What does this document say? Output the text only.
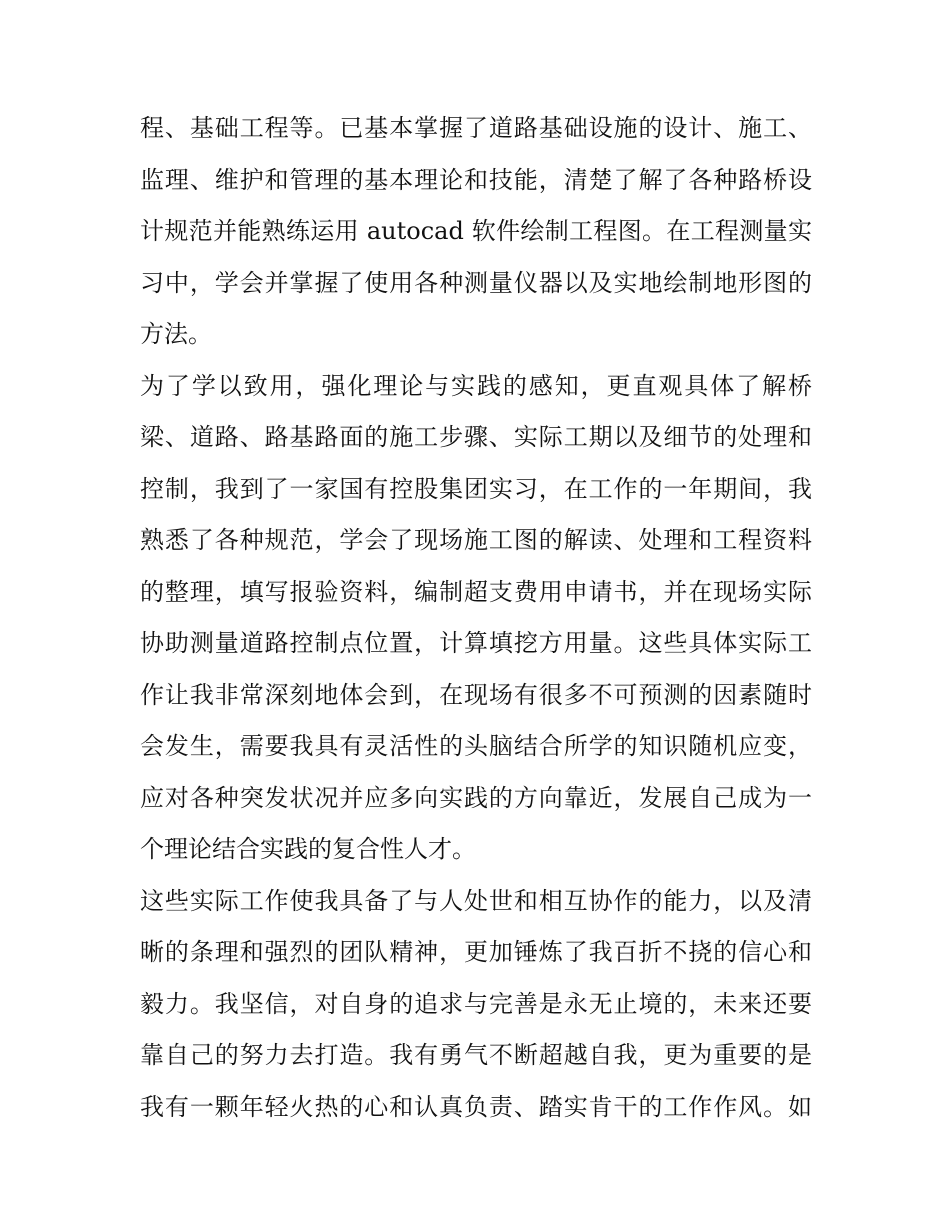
程、基础工程等。已基本掌握了道路基础设施的设计、施工、
监理、维护和管理的基本理论和技能，清楚了解了各种路桥设
计规范并能熟练运用 autocad 软件绘制工程图。在工程测量实
习中，学会并掌握了使用各种测量仪器以及实地绘制地形图的
方法。
为了学以致用，强化理论与实践的感知，更直观具体了解桥
梁、道路、路基路面的施工步骤、实际工期以及细节的处理和
控制，我到了一家国有控股集团实习，在工作的一年期间，我
熟悉了各种规范，学会了现场施工图的解读、处理和工程资料
的整理，填写报验资料，编制超支费用申请书，并在现场实际
协助测量道路控制点位置，计算填挖方用量。这些具体实际工
作让我非常深刻地体会到，在现场有很多不可预测的因素随时
会发生，需要我具有灵活性的头脑结合所学的知识随机应变，
应对各种突发状况并应多向实践的方向靠近，发展自己成为一
个理论结合实践的复合性人才。
这些实际工作使我具备了与人处世和相互协作的能力，以及清
晰的条理和强烈的团队精神，更加锤炼了我百折不挠的信心和
毅力。我坚信，对自身的追求与完善是永无止境的，未来还要
靠自己的努力去打造。我有勇气不断超越自我，更为重要的是
我有一颗年轻火热的心和认真负责、踏实肯干的工作作风。如
